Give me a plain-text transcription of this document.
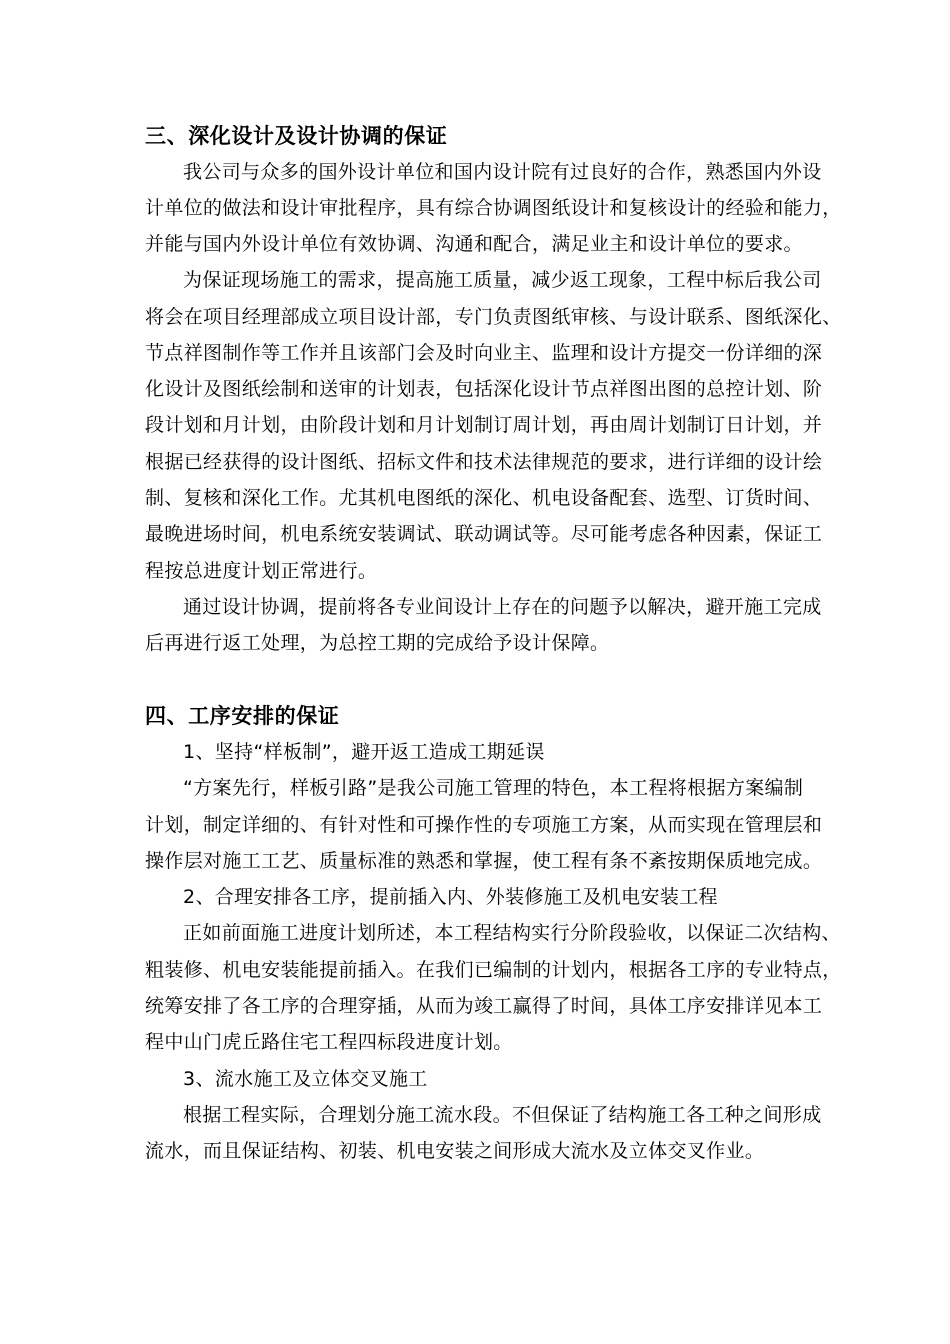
三、深化设计及设计协调的保证
我公司与众多的国外设计单位和国内设计院有过良好的合作，熟悉国内外设
计单位的做法和设计审批程序，具有综合协调图纸设计和复核设计的经验和能力，
并能与国内外设计单位有效协调、沟通和配合，满足业主和设计单位的要求。
为保证现场施工的需求，提高施工质量，减少返工现象，工程中标后我公司
将会在项目经理部成立项目设计部，专门负责图纸审核、与设计联系、图纸深化、
节点祥图制作等工作并且该部门会及时向业主、监理和设计方提交一份详细的深
化设计及图纸绘制和送审的计划表，包括深化设计节点祥图出图的总控计划、阶
段计划和月计划，由阶段计划和月计划制订周计划，再由周计划制订日计划，并
根据已经获得的设计图纸、招标文件和技术法律规范的要求，进行详细的设计绘
制、复核和深化工作。尤其机电图纸的深化、机电设备配套、选型、订货时间、
最晚进场时间，机电系统安装调试、联动调试等。尽可能考虑各种因素，保证工
程按总进度计划正常进行。
通过设计协调，提前将各专业间设计上存在的问题予以解决，避开施工完成
后再进行返工处理，为总控工期的完成给予设计保障。
四、工序安排的保证
1、坚持“样板制”，避开返工造成工期延误
“方案先行，样板引路”是我公司施工管理的特色，本工程将根据方案编制
计划，制定详细的、有针对性和可操作性的专项施工方案，从而实现在管理层和
操作层对施工工艺、质量标准的熟悉和掌握，使工程有条不紊按期保质地完成。
2、合理安排各工序，提前插入内、外装修施工及机电安装工程
正如前面施工进度计划所述，本工程结构实行分阶段验收，以保证二次结构、
粗装修、机电安装能提前插入。在我们已编制的计划内，根据各工序的专业特点，
统筹安排了各工序的合理穿插，从而为竣工赢得了时间，具体工序安排详见本工
程中山门虎丘路住宅工程四标段进度计划。
3、流水施工及立体交叉施工
根据工程实际，合理划分施工流水段。不但保证了结构施工各工种之间形成
流水，而且保证结构、初装、机电安装之间形成大流水及立体交叉作业。
